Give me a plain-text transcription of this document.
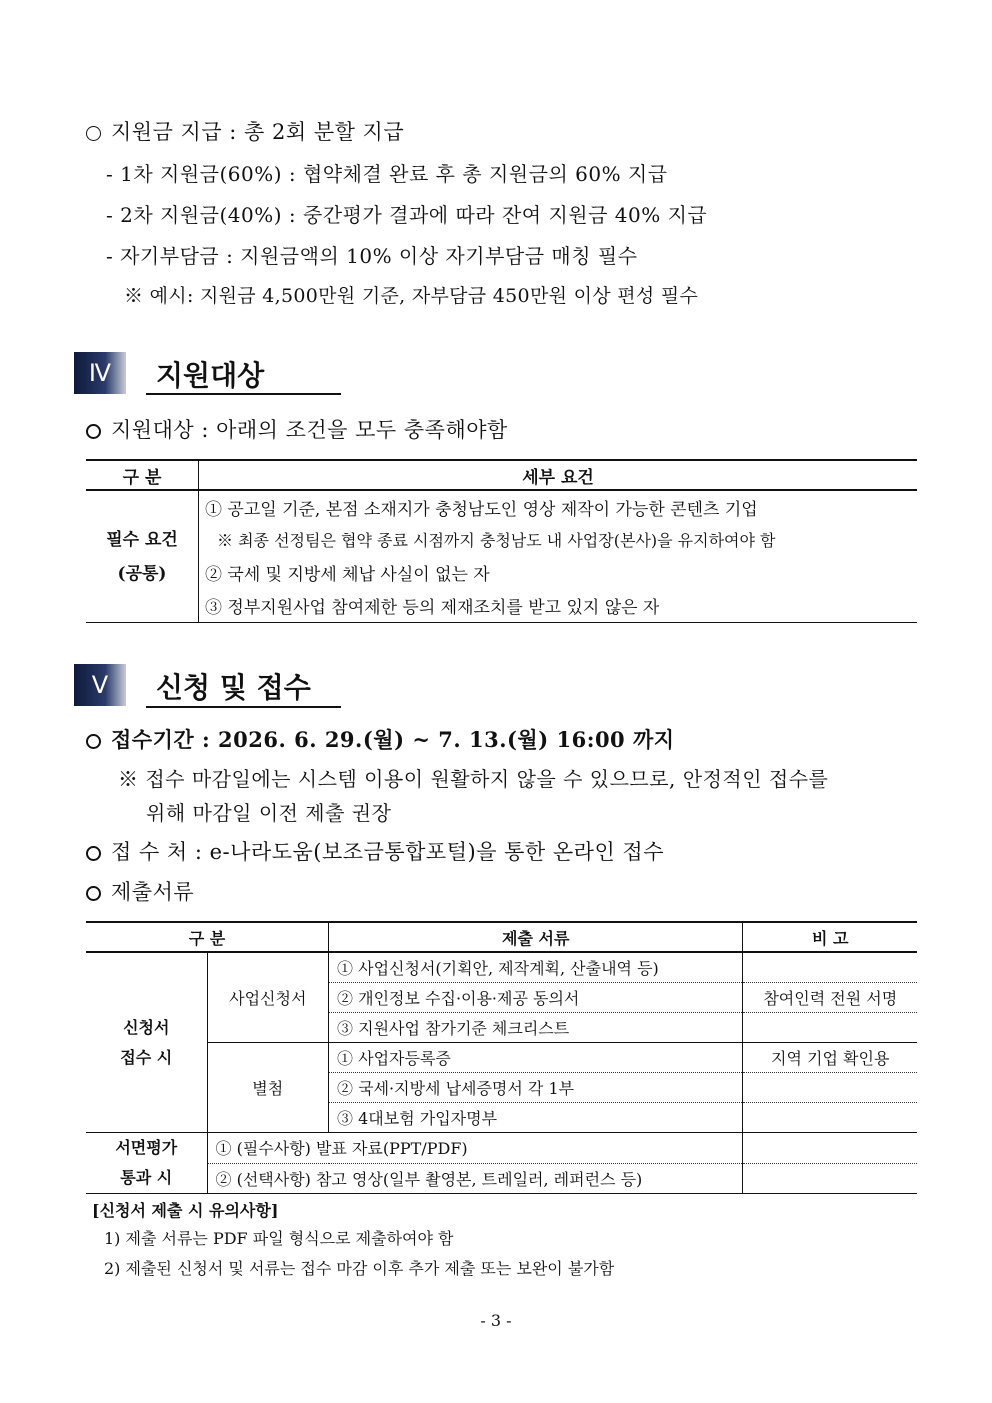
지원금 지급 : 총 2회 분할 지급
- 1차 지원금(60%) : 협약체결 완료 후 총 지원금의 60% 지급
- 2차 지원금(40%) : 중간평가 결과에 따라 잔여 지원금 40% 지급
- 자기부담금 : 지원금액의 10% 이상 자기부담금 매칭 필수
※ 예시: 지원금 4,500만원 기준, 자부담금 450만원 이상 편성 필수
Ⅳ	지원대상
지원대상 : 아래의 조건을 모두 충족해야함
구 분	세부 요건

필수 요건
(공통)	① 공고일 기준, 본점 소재지가 충청남도인 영상 제작이 가능한 콘텐츠 기업
	※ 최종 선정팀은 협약 종료 시점까지 충청남도 내 사업장(본사)을 유지하여야 함
	② 국세 및 지방세 체납 사실이 없는 자
	③ 정부지원사업 참여제한 등의 제재조치를 받고 있지 않은 자
Ⅴ	신청 및 접수
접수기간 : 2026. 6. 29.(월) ~ 7. 13.(월) 16:00 까지
※ 접수 마감일에는 시스템 이용이 원활하지 않을 수 있으므로, 안정적인 접수를
위해 마감일 이전 제출 권장
접 수 처 : e-나라도움(보조금통합포털)을 통한 온라인 접수
제출서류
구 분		제출 서류	비 고

신청서
접수 시	사업신청서	① 사업신청서(기획안, 제작계획, 산출내역 등)	
		② 개인정보 수집·이용·제공 동의서	참여인력 전원 서명
		③ 지원사업 참가기준 체크리스트	
	별첨	① 사업자등록증	지역 기업 확인용
		② 국세·지방세 납세증명서 각 1부	
		③ 4대보험 가입자명부	

서면평가
통과 시	① (필수사항) 발표 자료(PPT/PDF)		
	② (선택사항) 참고 영상(일부 촬영본, 트레일러, 레퍼런스 등)		
[신청서 제출 시 유의사항]
1) 제출 서류는 PDF 파일 형식으로 제출하여야 함
2) 제출된 신청서 및 서류는 접수 마감 이후 추가 제출 또는 보완이 불가함
- 3 -
